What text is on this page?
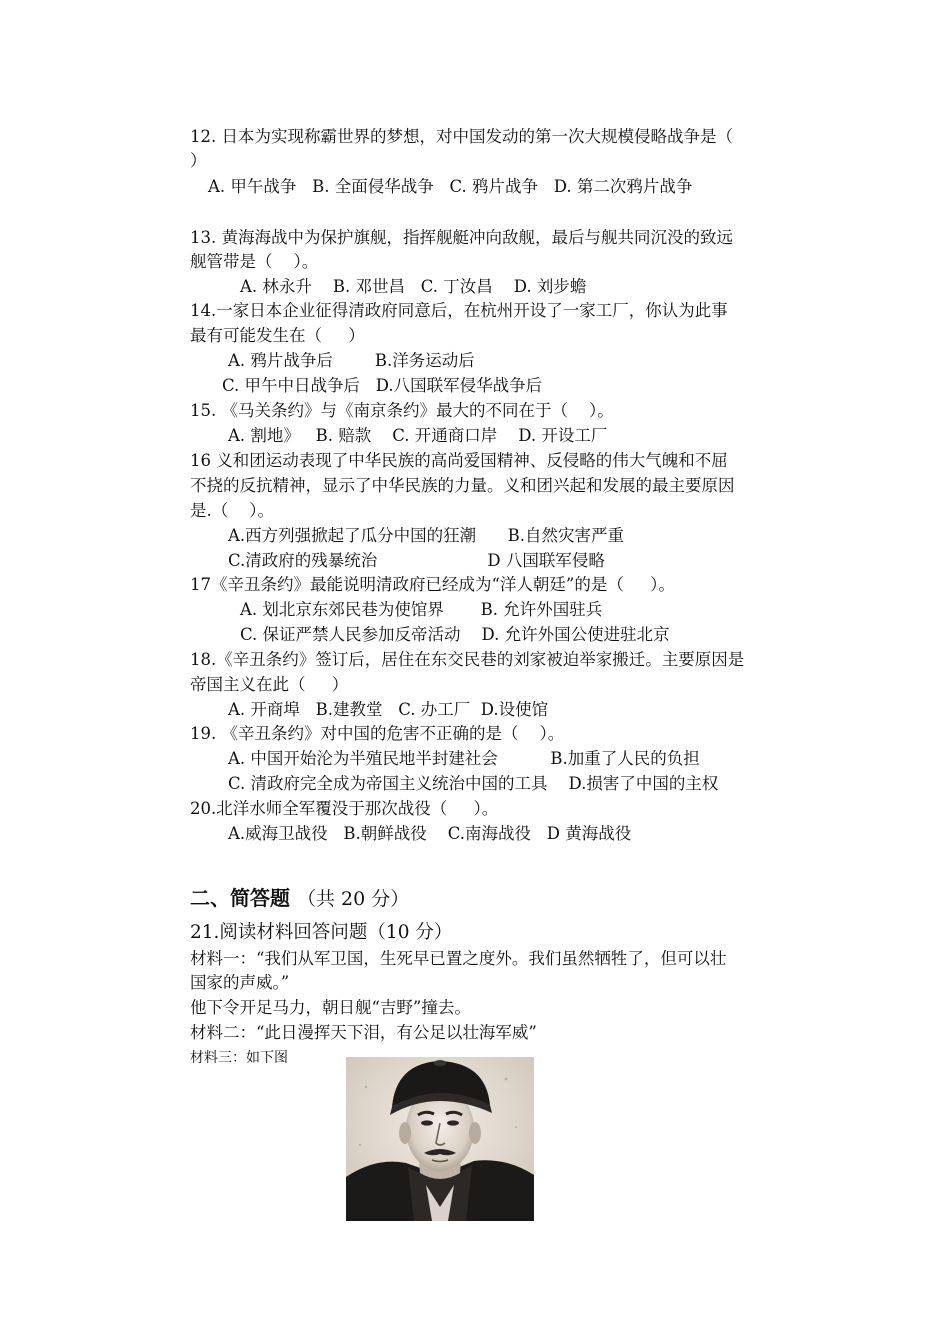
12. 日本为实现称霸世界的梦想，对中国发动的第一次大规模侵略战争是（
）
A. 甲午战争   B. 全面侵华战争   C. 鸦片战争   D. 第二次鸦片战争
13. 黄海海战中为保护旗舰，指挥舰艇冲向敌舰，最后与舰共同沉没的致远
舰管带是（    ）。
A. 林永升    B. 邓世昌   C. 丁汝昌    D. 刘步蟾
14.一家日本企业征得清政府同意后，在杭州开设了一家工厂，你认为此事
最有可能发生在（     ）
A. 鸦片战争后        B.洋务运动后
C. 甲午中日战争后   D.八国联军侵华战争后
15. 《马关条约》与《南京条约》最大的不同在于（    ）。
A. 割地》   B. 赔款    C. 开通商口岸    D. 开设工厂
16 义和团运动表现了中华民族的高尚爱国精神、反侵略的伟大气魄和不屈
不挠的反抗精神，显示了中华民族的力量。义和团兴起和发展的最主要原因
是.（    ）。
A.西方列强掀起了瓜分中国的狂潮      B.自然灾害严重
C.清政府的残暴统治                     D 八国联军侵略
17《辛丑条约》最能说明清政府已经成为“洋人朝廷”的是（     ）。
A. 划北京东郊民巷为使馆界       B. 允许外国驻兵
C. 保证严禁人民参加反帝活动    D. 允许外国公使进驻北京
18.《辛丑条约》签订后，居住在东交民巷的刘家被迫举家搬迁。主要原因是
帝国主义在此（     ）
A. 开商埠   B.建教堂   C. 办工厂  D.设使馆
19. 《辛丑条约》对中国的危害不正确的是（    ）。
A. 中国开始沦为半殖民地半封建社会          B.加重了人民的负担
C. 清政府完全成为帝国主义统治中国的工具    D.损害了中国的主权
20.北洋水师全军覆没于那次战役（     ）。
A.威海卫战役   B.朝鲜战役    C.南海战役   D 黄海战役
二、简答题 （共 20 分）
21.阅读材料回答问题（10 分）
材料一：“我们从军卫国，生死早已置之度外。我们虽然牺牲了，但可以壮
国家的声威。”
他下令开足马力，朝日舰“吉野”撞去。
材料二：“此日漫挥天下泪，有公足以壮海军威”
材料三：如下图
